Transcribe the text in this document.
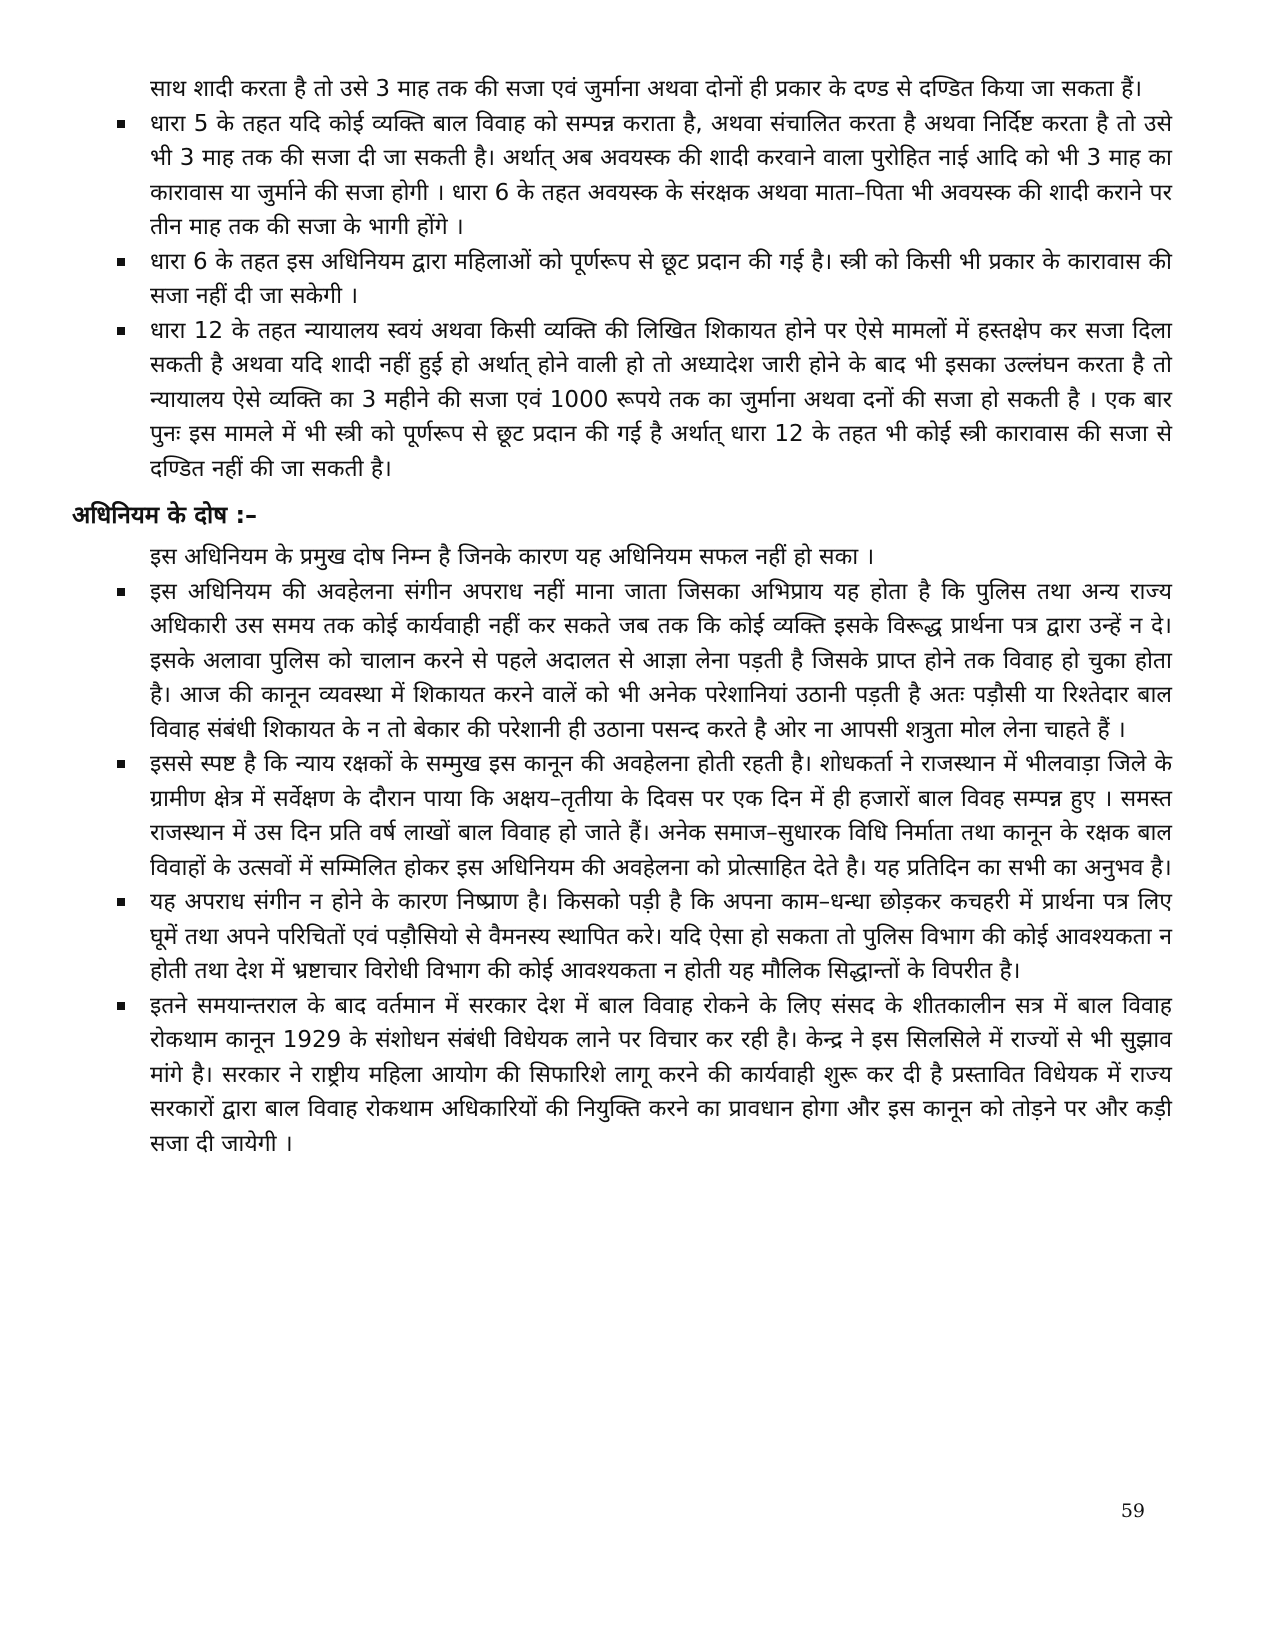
साथ शादी करता है तो उसे 3 माह तक की सजा एवं जुर्माना अथवा दोनों ही प्रकार के दण्ड से दण्डित किया जा सकता हैं।

धारा 5 के तहत यदि कोई व्यक्ति बाल विवाह को सम्पन्न कराता है, अथवा संचालित करता है अथवा निर्दिष्ट करता है तो उसे भी 3 माह तक की सजा दी जा सकती है। अर्थात् अब अवयस्क की शादी करवाने वाला पुरोहित नाई आदि को भी 3 माह का कारावास या जुर्माने की सजा होगी । धारा 6 के तहत अवयस्क के संरक्षक अथवा माता–पिता भी अवयस्क की शादी कराने पर तीन माह तक की सजा के भागी होंगे ।
धारा 6 के तहत इस अधिनियम द्वारा महिलाओं को पूर्णरूप से छूट प्रदान की गई है। स्त्री को किसी भी प्रकार के कारावास की सजा नहीं दी जा सकेगी ।
धारा 12 के तहत न्यायालय स्वयं अथवा किसी व्यक्ति की लिखित शिकायत होने पर ऐसे मामलों में हस्तक्षेप कर सजा दिला सकती है अथवा यदि शादी नहीं हुई हो अर्थात् होने वाली हो तो अध्यादेश जारी होने के बाद भी इसका उल्लंघन करता है तो न्यायालय ऐसे व्यक्ति का 3 महीने की सजा एवं 1000 रूपये तक का जुर्माना अथवा दनों की सजा हो सकती है । एक बार पुनः इस मामले में भी स्त्री को पूर्णरूप से छूट प्रदान की गई है अर्थात् धारा 12 के तहत भी कोई स्त्री कारावास की सजा से दण्डित नहीं की जा सकती है।
अधिनियम के दोष :–

इस अधिनियम के प्रमुख दोष निम्न है जिनके कारण यह अधिनियम सफल नहीं हो सका ।

इस अधिनियम की अवहेलना संगीन अपराध नहीं माना जाता जिसका अभिप्राय यह होता है कि पुलिस तथा अन्य राज्य अधिकारी उस समय तक कोई कार्यवाही नहीं कर सकते जब तक कि कोई व्यक्ति इसके विरूद्ध प्रार्थना पत्र द्वारा उन्हें न दे। इसके अलावा पुलिस को चालान करने से पहले अदालत से आज्ञा लेना पड़ती है जिसके प्राप्त होने तक विवाह हो चुका होता है। आज की कानून व्यवस्था में शिकायत करने वालें को भी अनेक परेशानियां उठानी पड़ती है अतः पड़ौसी या रिश्तेदार बाल विवाह संबंधी शिकायत के न तो बेकार की परेशानी ही उठाना पसन्द करते है ओर ना आपसी शत्रुता मोल लेना चाहते हैं ।
इससे स्पष्ट है कि न्याय रक्षकों के सम्मुख इस कानून की अवहेलना होती रहती है। शोधकर्ता ने राजस्थान में भीलवाड़ा जिले के ग्रामीण क्षेत्र में सर्वेक्षण के दौरान पाया कि अक्षय–तृतीया के दिवस पर एक दिन में ही हजारों बाल विवह सम्पन्न हुए । समस्त राजस्थान में उस दिन प्रति वर्ष लाखों बाल विवाह हो जाते हैं। अनेक समाज–सुधारक विधि निर्माता तथा कानून के रक्षक बाल विवाहों के उत्सवों में सम्मिलित होकर इस अधिनियम की अवहेलना को प्रोत्साहित देते है। यह प्रतिदिन का सभी का अनुभव है।
यह अपराध संगीन न होने के कारण निष्प्राण है। किसको पड़ी है कि अपना काम–धन्धा छोड़कर कचहरी में प्रार्थना पत्र लिए घूमें तथा अपने परिचितों एवं पड़ौसियो से वैमनस्य स्थापित करे। यदि ऐसा हो सकता तो पुलिस विभाग की कोई आवश्यकता न होती तथा देश में भ्रष्टाचार विरोधी विभाग की कोई आवश्यकता न होती यह मौलिक सिद्धान्तों के विपरीत है।
इतने समयान्तराल के बाद वर्तमान में सरकार देश में बाल विवाह रोकने के लिए संसद के शीतकालीन सत्र में बाल विवाह रोकथाम कानून 1929 के संशोधन संबंधी विधेयक लाने पर विचार कर रही है। केन्द्र ने इस सिलसिले में राज्यों से भी सुझाव मांगे है। सरकार ने राष्ट्रीय महिला आयोग की सिफारिशे लागू करने की कार्यवाही शुरू कर दी है प्रस्तावित विधेयक में राज्य सरकारों द्वारा बाल विवाह रोकथाम अधिकारियों की नियुक्ति करने का प्रावधान होगा और इस कानून को तोड़ने पर और कड़ी सजा दी जायेगी ।
59
